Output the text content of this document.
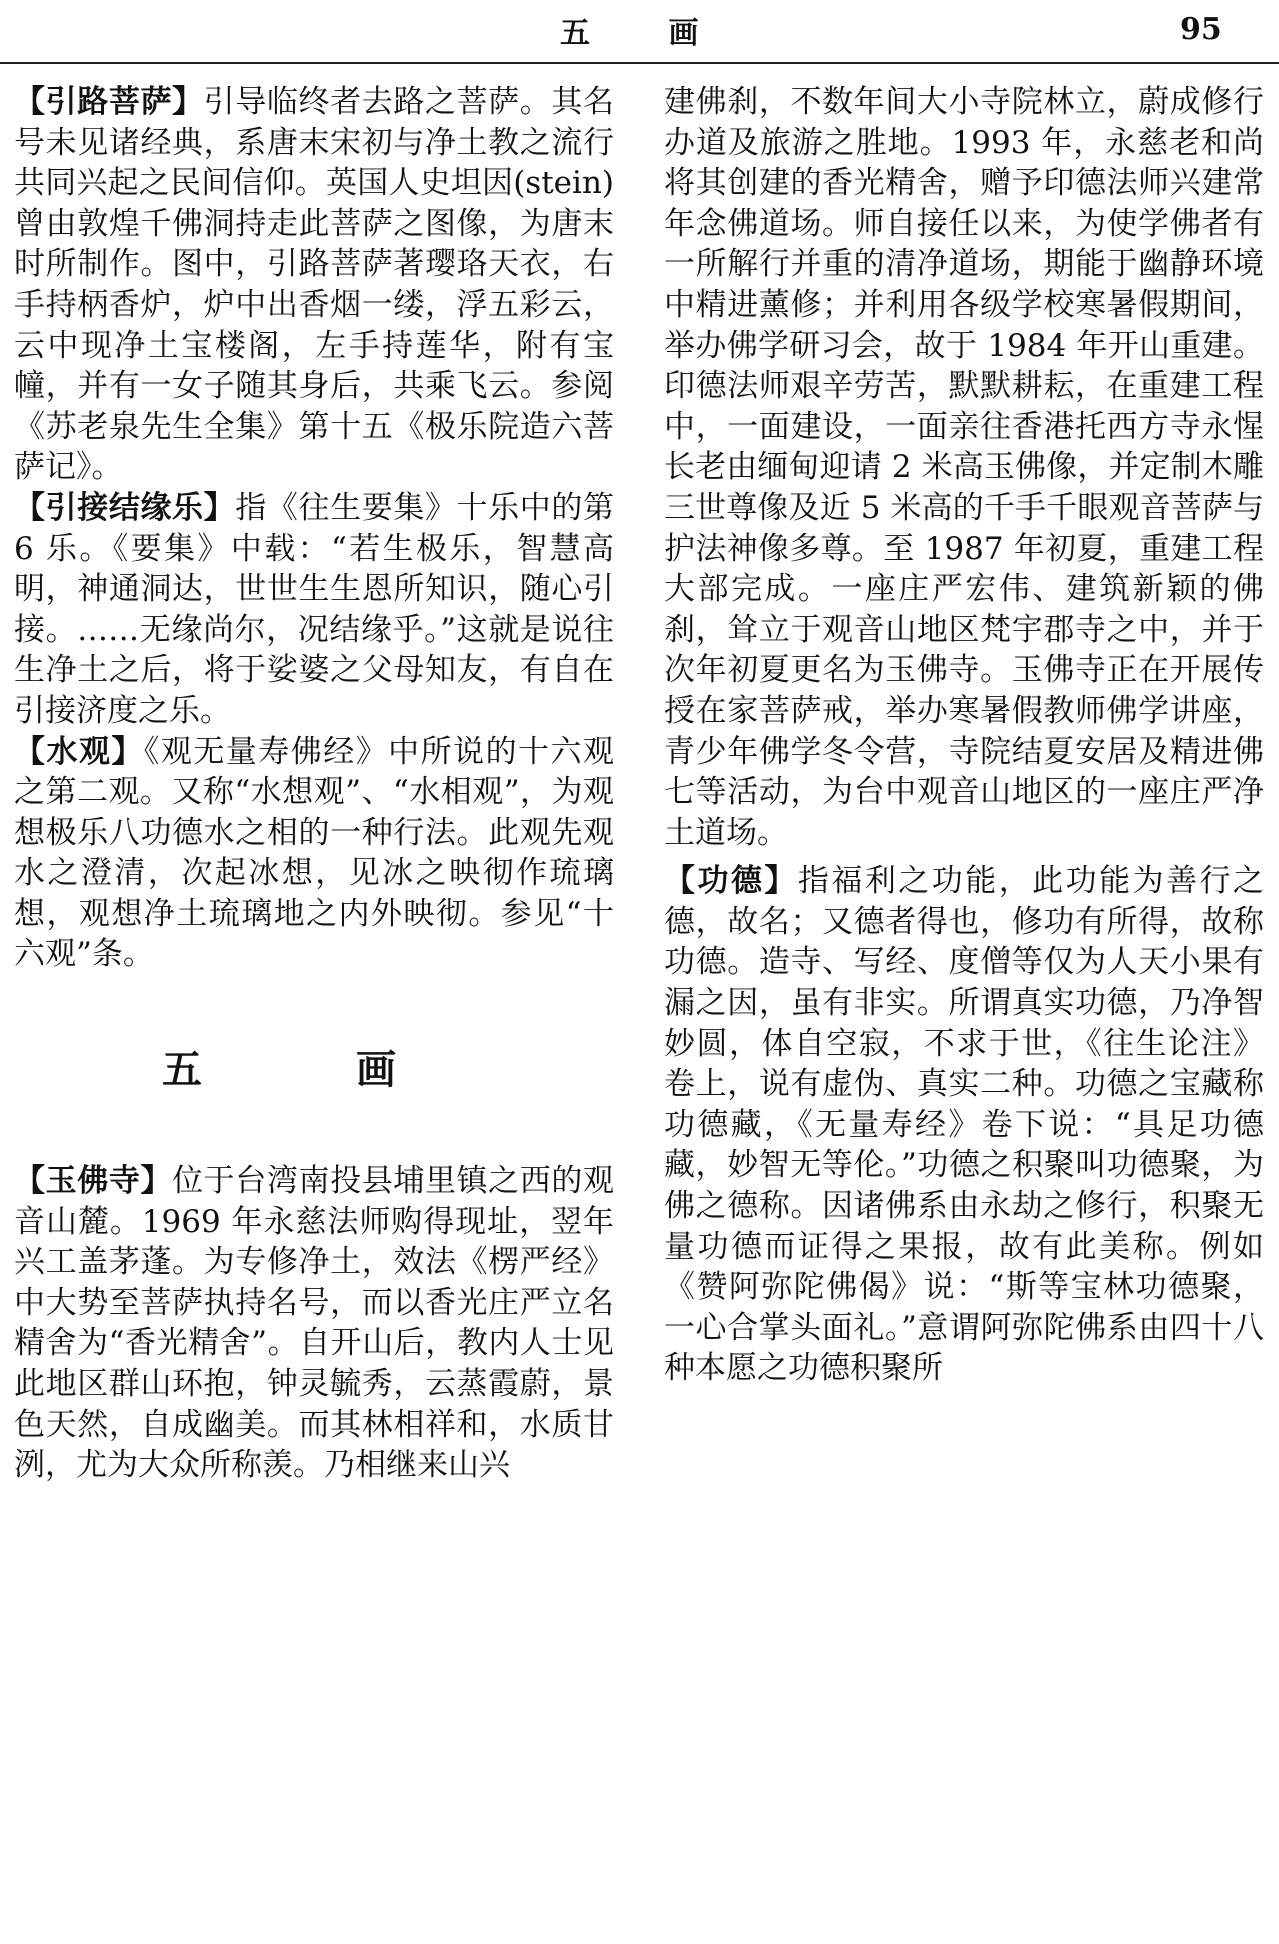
五 画	95

【引路菩萨】引导临终者去路之菩萨。其名号未见诸经典，系唐末宋初与净土教之流行共同兴起之民间信仰。英国人史坦因(stein)曾由敦煌千佛洞持走此菩萨之图像，为唐末时所制作。图中，引路菩萨著璎珞天衣，右手持柄香炉，炉中出香烟一缕，浮五彩云，云中现净土宝楼阁，左手持莲华，附有宝幢，并有一女子随其身后，共乘飞云。参阅《苏老泉先生全集》第十五《极乐院造六菩萨记》。

【引接结缘乐】指《往生要集》十乐中的第 6 乐。《要集》中载：“若生极乐，智慧高明，神通洞达，世世生生恩所知识，随心引接。……无缘尚尔，况结缘乎。”这就是说往生净土之后，将于娑婆之父母知友，有自在引接济度之乐。

【水观】《观无量寿佛经》中所说的十六观之第二观。又称“水想观”、“水相观”，为观想极乐八功德水之相的一种行法。此观先观水之澄清，次起冰想，见冰之映彻作琉璃想，观想净土琉璃地之内外映彻。参见“十六观”条。

五 画

【玉佛寺】位于台湾南投县埔里镇之西的观音山麓。1969 年永慈法师购得现址，翌年兴工盖茅蓬。为专修净土，效法《楞严经》中大势至菩萨执持名号，而以香光庄严立名精舍为“香光精舍”。自开山后，教内人士见此地区群山环抱，钟灵毓秀，云蒸霞蔚，景色天然，自成幽美。而其林相祥和，水质甘洌，尤为大众所称羡。乃相继来山兴

建佛刹，不数年间大小寺院林立，蔚成修行办道及旅游之胜地。1993 年，永慈老和尚将其创建的香光精舍，赠予印德法师兴建常年念佛道场。师自接任以来，为使学佛者有一所解行并重的清净道场，期能于幽静环境中精进薰修；并利用各级学校寒暑假期间，举办佛学研习会，故于 1984 年开山重建。印德法师艰辛劳苦，默默耕耘，在重建工程中，一面建设，一面亲往香港托西方寺永惺长老由缅甸迎请 2 米高玉佛像，并定制木雕三世尊像及近 5 米高的千手千眼观音菩萨与护法神像多尊。至 1987 年初夏，重建工程大部完成。一座庄严宏伟、建筑新颖的佛刹，耸立于观音山地区梵宇郡寺之中，并于次年初夏更名为玉佛寺。玉佛寺正在开展传授在家菩萨戒，举办寒暑假教师佛学讲座，青少年佛学冬令营，寺院结夏安居及精进佛七等活动，为台中观音山地区的一座庄严净土道场。

【功德】指福利之功能，此功能为善行之德，故名；又德者得也，修功有所得，故称功德。造寺、写经、度僧等仅为人天小果有漏之因，虽有非实。所谓真实功德，乃净智妙圆，体自空寂，不求于世，《往生论注》卷上，说有虚伪、真实二种。功德之宝藏称功德藏，《无量寿经》卷下说：“具足功德藏，妙智无等伦。”功德之积聚叫功德聚，为佛之德称。因诸佛系由永劫之修行，积聚无量功德而证得之果报，故有此美称。例如《赞阿弥陀佛偈》说：“斯等宝林功德聚，一心合掌头面礼。”意谓阿弥陀佛系由四十八种本愿之功德积聚所
